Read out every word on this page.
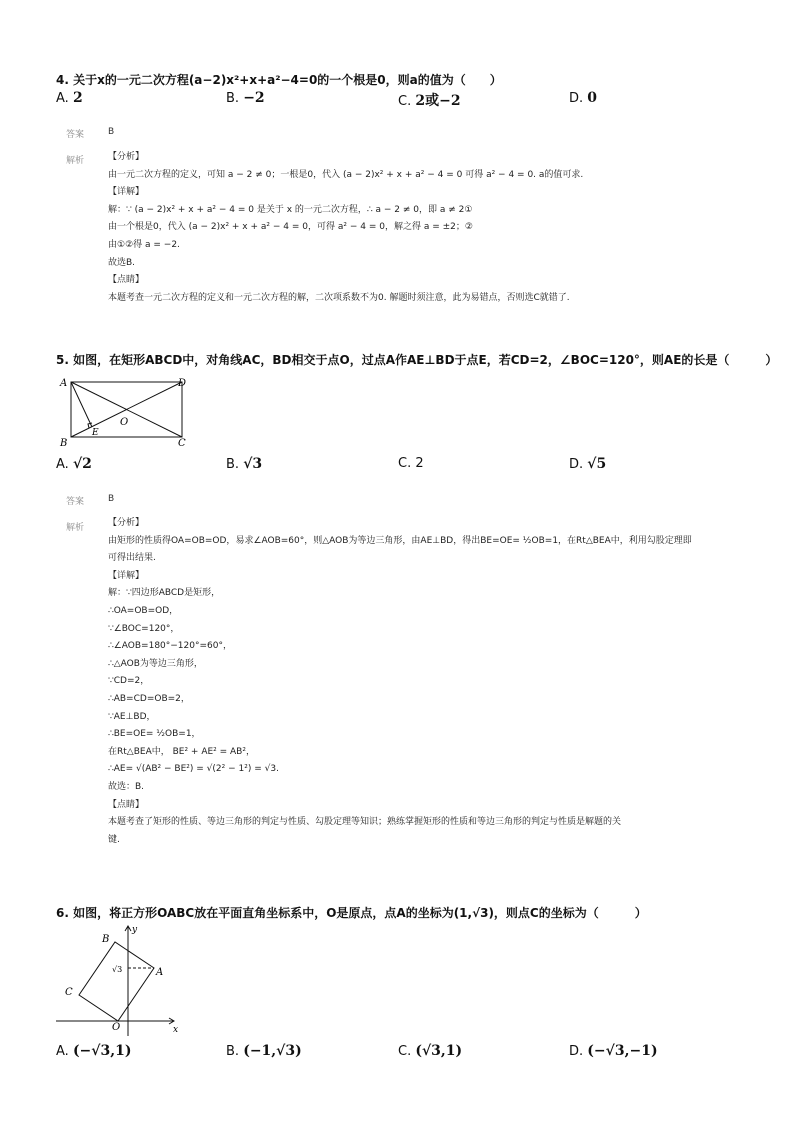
4. 关于x的一元二次方程(a−2)x²+x+a²−4=0的一个根是0，则a的值为（　　）
A. 2	B. −2	C. 2或−2	D. 0
答案	B
解析	【分析】
由一元二次方程的定义，可知 a − 2 ≠ 0；一根是0，代入 (a − 2)x² + x + a² − 4 = 0 可得 a² − 4 = 0. a的值可求.
【详解】
解：∵ (a − 2)x² + x + a² − 4 = 0 是关于 x 的一元二次方程，∴ a − 2 ≠ 0，即 a ≠ 2①
由一个根是0，代入 (a − 2)x² + x + a² − 4 = 0，可得 a² − 4 = 0，解之得 a = ±2；②
由①②得 a = −2.
故选B.
【点睛】
本题考查一元二次方程的定义和一元二次方程的解，二次项系数不为0. 解题时须注意，此为易错点，否则选C就错了.
5. 如图，在矩形ABCD中，对角线AC，BD相交于点O，过点A作AE⊥BD于点E，若CD=2，∠BOC=120°，则AE的长是（　　　）
A	D
B	C
E
O
A. √2	B. √3	C. 2	D. √5
答案	B
解析	【分析】
由矩形的性质得OA=OB=OD，易求∠AOB=60°，则△AOB为等边三角形，由AE⊥BD，得出BE=OE= ½OB=1，在Rt△BEA中，利用勾股定理即
可得出结果.
【详解】
解：∵四边形ABCD是矩形，
∴OA=OB=OD，
∵∠BOC=120°，
∴∠AOB=180°−120°=60°，
∴△AOB为等边三角形，
∵CD=2，
∴AB=CD=OB=2，
∵AE⊥BD，
∴BE=OE= ½OB=1，
在Rt△BEA中， BE² + AE² = AB²，
∴AE= √(AB² − BE²) = √(2² − 1²) = √3.
故选：B.
【点睛】
本题考查了矩形的性质、等边三角形的判定与性质、勾股定理等知识；熟练掌握矩形的性质和等边三角形的判定与性质是解题的关
键.
6. 如图，将正方形OABC放在平面直角坐标系中，O是原点，点A的坐标为(1,√3)，则点C的坐标为（　　　）
B
A
C
O	x
y
√3
A. (−√3,1)	B. (−1,√3)	C. (√3,1)	D. (−√3,−1)
